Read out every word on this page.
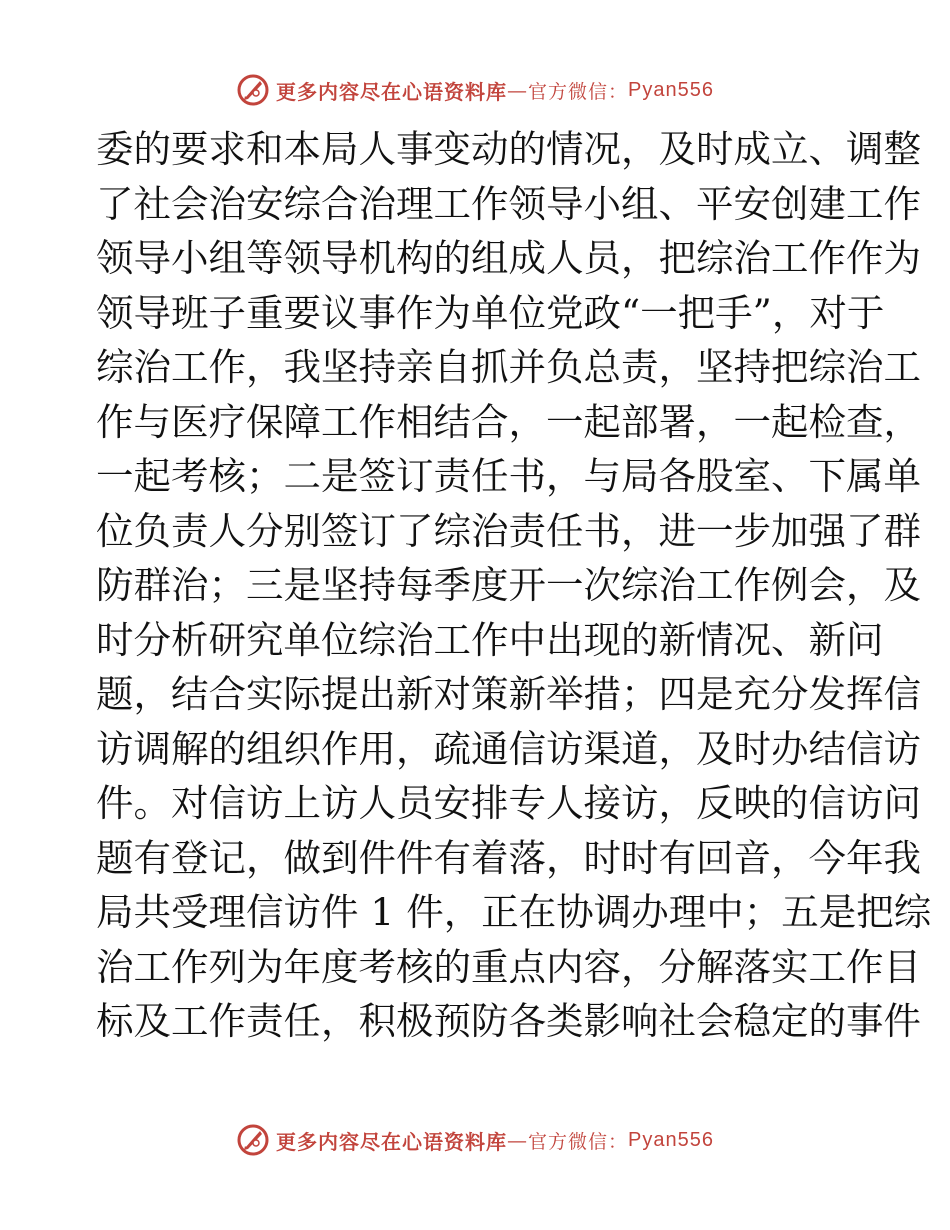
更多内容尽在心语资料库 — 官方微信： Pyan556
委的要求和本局人事变动的情况，及时成立、调整
了社会治安综合治理工作领导小组、平安创建工作
领导小组等领导机构的组成人员，把综治工作作为
领导班子重要议事作为单位党政“一把手”，对于
综治工作，我坚持亲自抓并负总责，坚持把综治工
作与医疗保障工作相结合，一起部署，一起检查，
一起考核；二是签订责任书，与局各股室、下属单
位负责人分别签订了综治责任书，进一步加强了群
防群治；三是坚持每季度开一次综治工作例会，及
时分析研究单位综治工作中出现的新情况、新问
题，结合实际提出新对策新举措；四是充分发挥信
访调解的组织作用，疏通信访渠道，及时办结信访
件。对信访上访人员安排专人接访，反映的信访问
题有登记，做到件件有着落，时时有回音，今年我
局共受理信访件 1 件，正在协调办理中；五是把综
治工作列为年度考核的重点内容，分解落实工作目
标及工作责任，积极预防各类影响社会稳定的事件
更多内容尽在心语资料库 — 官方微信： Pyan556
